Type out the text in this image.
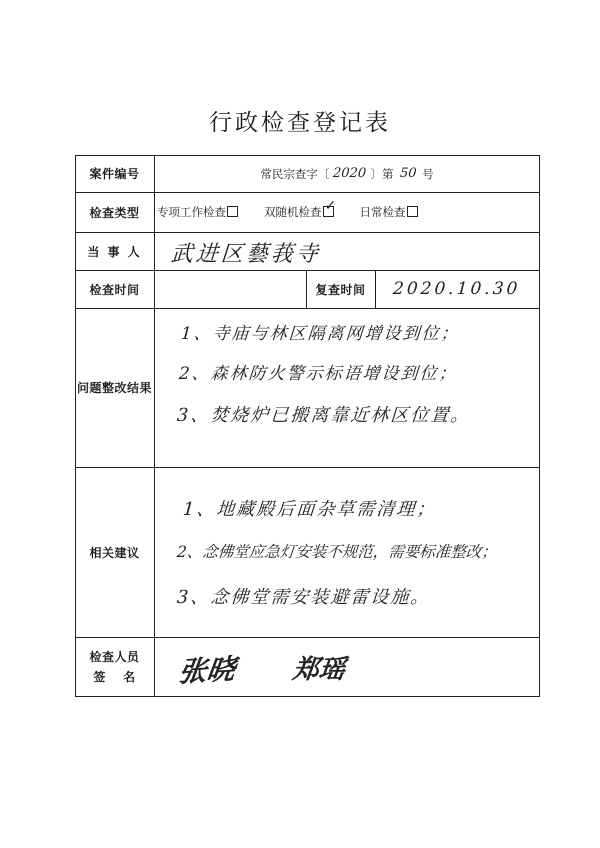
行政检查登记表
案件编号	常民宗查字〔 2020 〕第 50 号
检查类型	专项工作检查	双随机检查✓	日常检查
当 事 人	武进区藝莪寺
检查时间	复查时间	2020.10.30
问题整改结果
1、寺庙与林区隔离网增设到位；
2、森林防火警示标语增设到位；
3、焚烧炉已搬离靠近林区位置。
相关建议
1、地藏殿后面杂草需清理；
2、念佛堂应急灯安装不规范，需要标准整改；
3、念佛堂需安装避雷设施。
检查人员
签　 名 张晓 郑瑶
